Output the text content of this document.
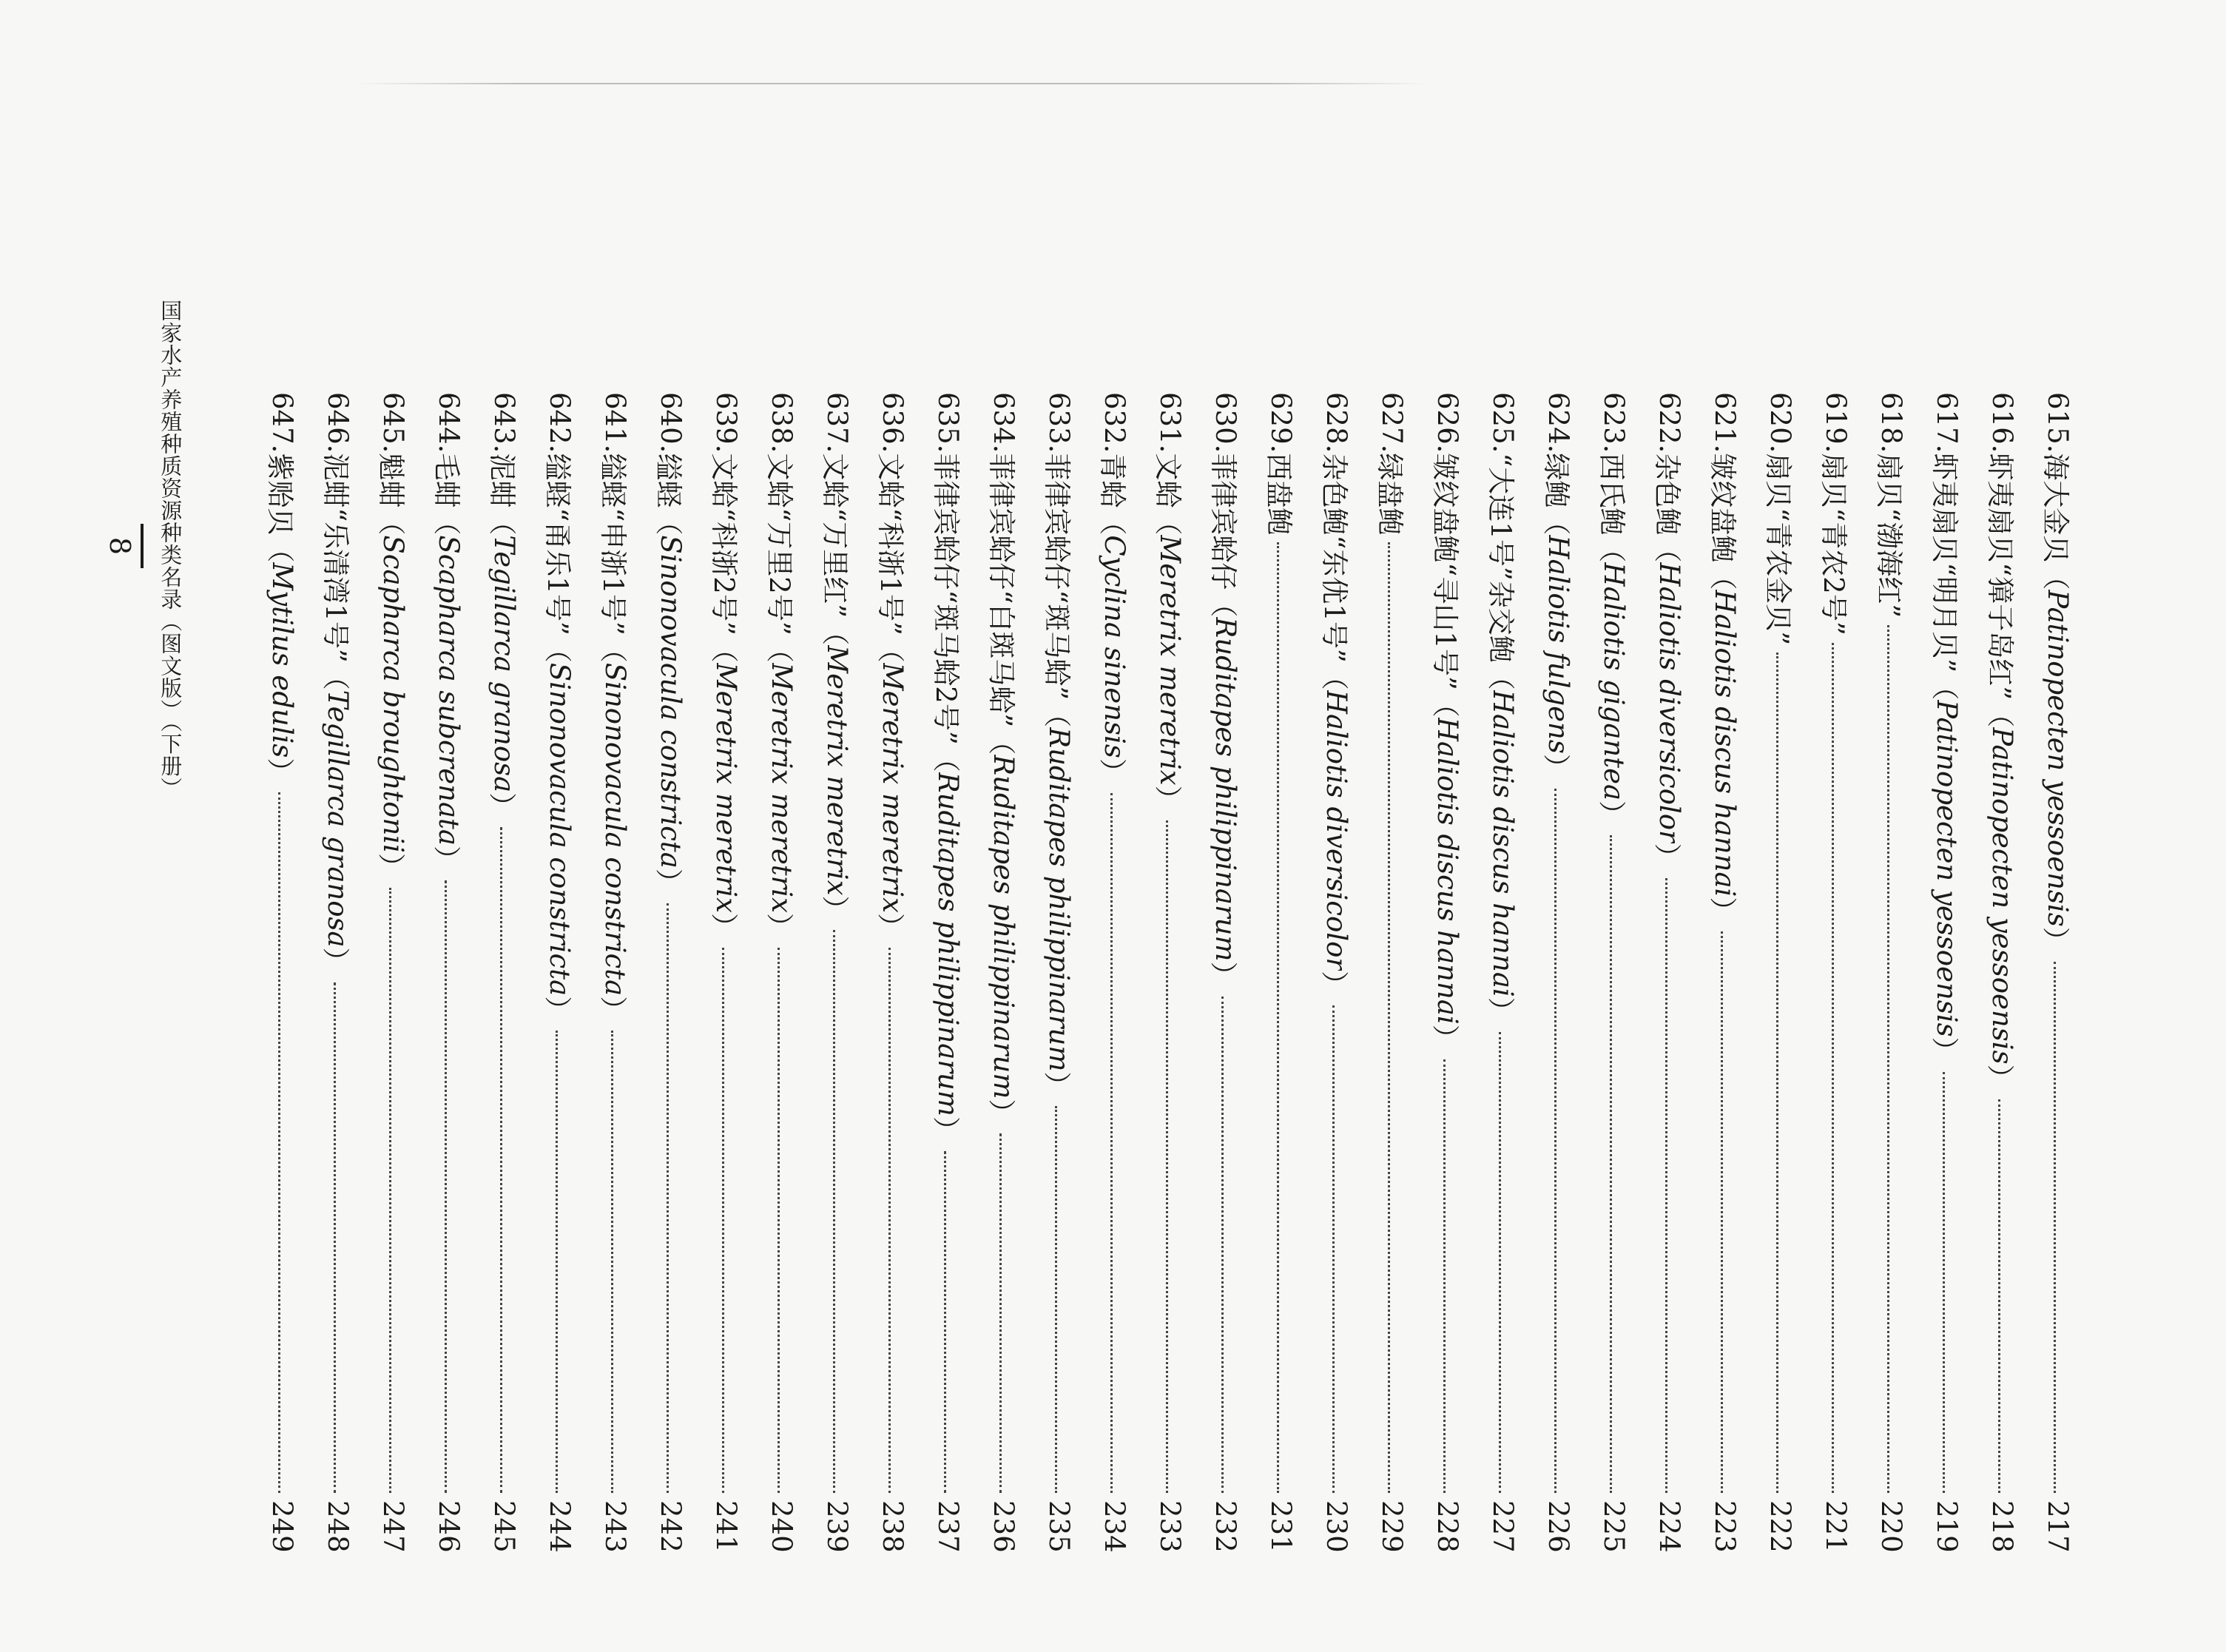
8 国家水产养殖种质资源种类名录（图文版）（下册）	615.
海大金贝
（
Patinopecten yessoensis
）
217
616.
虾夷扇贝“獐子岛红”
（
Patinopecten yessoensis
）
218
617.
虾夷扇贝“明月贝”
（
Patinopecten yessoensis
）
219
618.
扇贝“渤海红”
220
619.
扇贝“青农2号”
221
620.
扇贝“青农金贝”
222
621.
皱纹盘鲍
（
Haliotis discus hannai
）
223
622.
杂色鲍
（
Haliotis diversicolor
）
224
623.
西氏鲍
（
Haliotis gigantea
）
225
624.
绿鲍
（
Haliotis fulgens
）
226
625.
“大连1号”杂交鲍
（
Haliotis discus hannai
）
227
626.
皱纹盘鲍“寻山1号”
（
Haliotis discus hannai
）
228
627.
绿盘鲍
229
628.
杂色鲍“东优1号”
（
Haliotis diversicolor
）
230
629.
西盘鲍
231
630.
菲律宾蛤仔
（
Ruditapes philippinarum
）
232
631.
文蛤
（
Meretrix meretrix
）
233
632.
青蛤
（
Cyclina sinensis
）
234
633.
菲律宾蛤仔“斑马蛤”
（
Ruditapes philippinarum
）
235
634.
菲律宾蛤仔“白斑马蛤”
（
Ruditapes philippinarum
）
236
635.
菲律宾蛤仔“斑马蛤2号”
（
Ruditapes philippinarum
）
237
636.
文蛤“科浙1号”
（
Meretrix meretrix
）
238
637.
文蛤“万里红”
（
Meretrix meretrix
）
239
638.
文蛤“万里2号”
（
Meretrix meretrix
）
240
639.
文蛤“科浙2号”
（
Meretrix meretrix
）
241
640.
缢蛏
（
Sinonovacula constricta
）
242
641.
缢蛏“申浙1号”
（
Sinonovacula constricta
）
243
642.
缢蛏“甬乐1号”
（
Sinonovacula constricta
）
244
643.
泥蚶
（
Tegillarca granosa
）
245
644.
毛蚶
（
Scapharca subcrenata
）
246
645.
魁蚶
（
Scapharca broughtonii
）
247
646.
泥蚶“乐清湾1号”
（
Tegillarca granosa
）
248
647.
紫贻贝
（
Mytilus edulis
）
249
